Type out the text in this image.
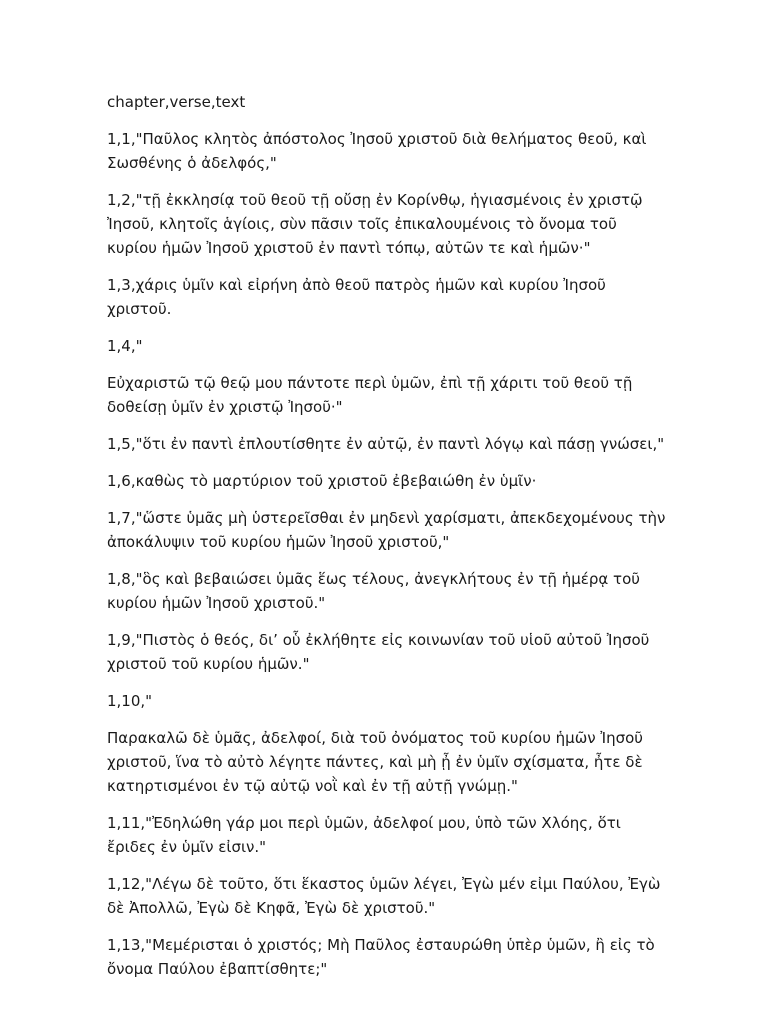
chapter,verse,text

1,1,"Παῦλος κλητὸς ἀπόστολος Ἰησοῦ χριστοῦ διὰ θελήματος θεοῦ, καὶ Σωσθένης ὁ ἀδελφός,"

1,2,"τῇ ἐκκλησίᾳ τοῦ θεοῦ τῇ οὔσῃ ἐν Κορίνθῳ, ἡγιασμένοις ἐν χριστῷ Ἰησοῦ, κλητοῖς ἁγίοις, σὺν πᾶσιν τοῖς ἐπικαλουμένοις τὸ ὄνομα τοῦ κυρίου ἡμῶν Ἰησοῦ χριστοῦ ἐν παντὶ τόπῳ, αὐτῶν τε καὶ ἡμῶν·"

1,3,χάρις ὑμῖν καὶ εἰρήνη ἀπὸ θεοῦ πατρὸς ἡμῶν καὶ κυρίου Ἰησοῦ χριστοῦ.

1,4,"

Εὐχαριστῶ τῷ θεῷ μου πάντοτε περὶ ὑμῶν, ἐπὶ τῇ χάριτι τοῦ θεοῦ τῇ δοθείσῃ ὑμῖν ἐν χριστῷ Ἰησοῦ·"

1,5,"ὅτι ἐν παντὶ ἐπλουτίσθητε ἐν αὐτῷ, ἐν παντὶ λόγῳ καὶ πάσῃ γνώσει,"

1,6,καθὼς τὸ μαρτύριον τοῦ χριστοῦ ἐβεβαιώθη ἐν ὑμῖν·

1,7,"ὥστε ὑμᾶς μὴ ὑστερεῖσθαι ἐν μηδενὶ χαρίσματι, ἀπεκδεχομένους τὴν ἀποκάλυψιν τοῦ κυρίου ἡμῶν Ἰησοῦ χριστοῦ,"

1,8,"ὃς καὶ βεβαιώσει ὑμᾶς ἕως τέλους, ἀνεγκλήτους ἐν τῇ ἡμέρᾳ τοῦ κυρίου ἡμῶν Ἰησοῦ χριστοῦ."

1,9,"Πιστὸς ὁ θεός, δι’ οὗ ἐκλήθητε εἰς κοινωνίαν τοῦ υἱοῦ αὐτοῦ Ἰησοῦ χριστοῦ τοῦ κυρίου ἡμῶν."

1,10,"

Παρακαλῶ δὲ ὑμᾶς, ἀδελφοί, διὰ τοῦ ὀνόματος τοῦ κυρίου ἡμῶν Ἰησοῦ χριστοῦ, ἵνα τὸ αὐτὸ λέγητε πάντες, καὶ μὴ ᾖ ἐν ὑμῖν σχίσματα, ἦτε δὲ κατηρτισμένοι ἐν τῷ αὐτῷ νοῒ καὶ ἐν τῇ αὐτῇ γνώμῃ."

1,11,"Ἐδηλώθη γάρ μοι περὶ ὑμῶν, ἀδελφοί μου, ὑπὸ τῶν Χλόης, ὅτι ἔριδες ἐν ὑμῖν εἰσιν."

1,12,"Λέγω δὲ τοῦτο, ὅτι ἕκαστος ὑμῶν λέγει, Ἐγὼ μέν εἰμι Παύλου, Ἐγὼ δὲ Ἀπολλῶ, Ἐγὼ δὲ Κηφᾶ, Ἐγὼ δὲ χριστοῦ."

1,13,"Μεμέρισται ὁ χριστός; Μὴ Παῦλος ἐσταυρώθη ὑπὲρ ὑμῶν, ἢ εἰς τὸ ὄνομα Παύλου ἐβαπτίσθητε;"
